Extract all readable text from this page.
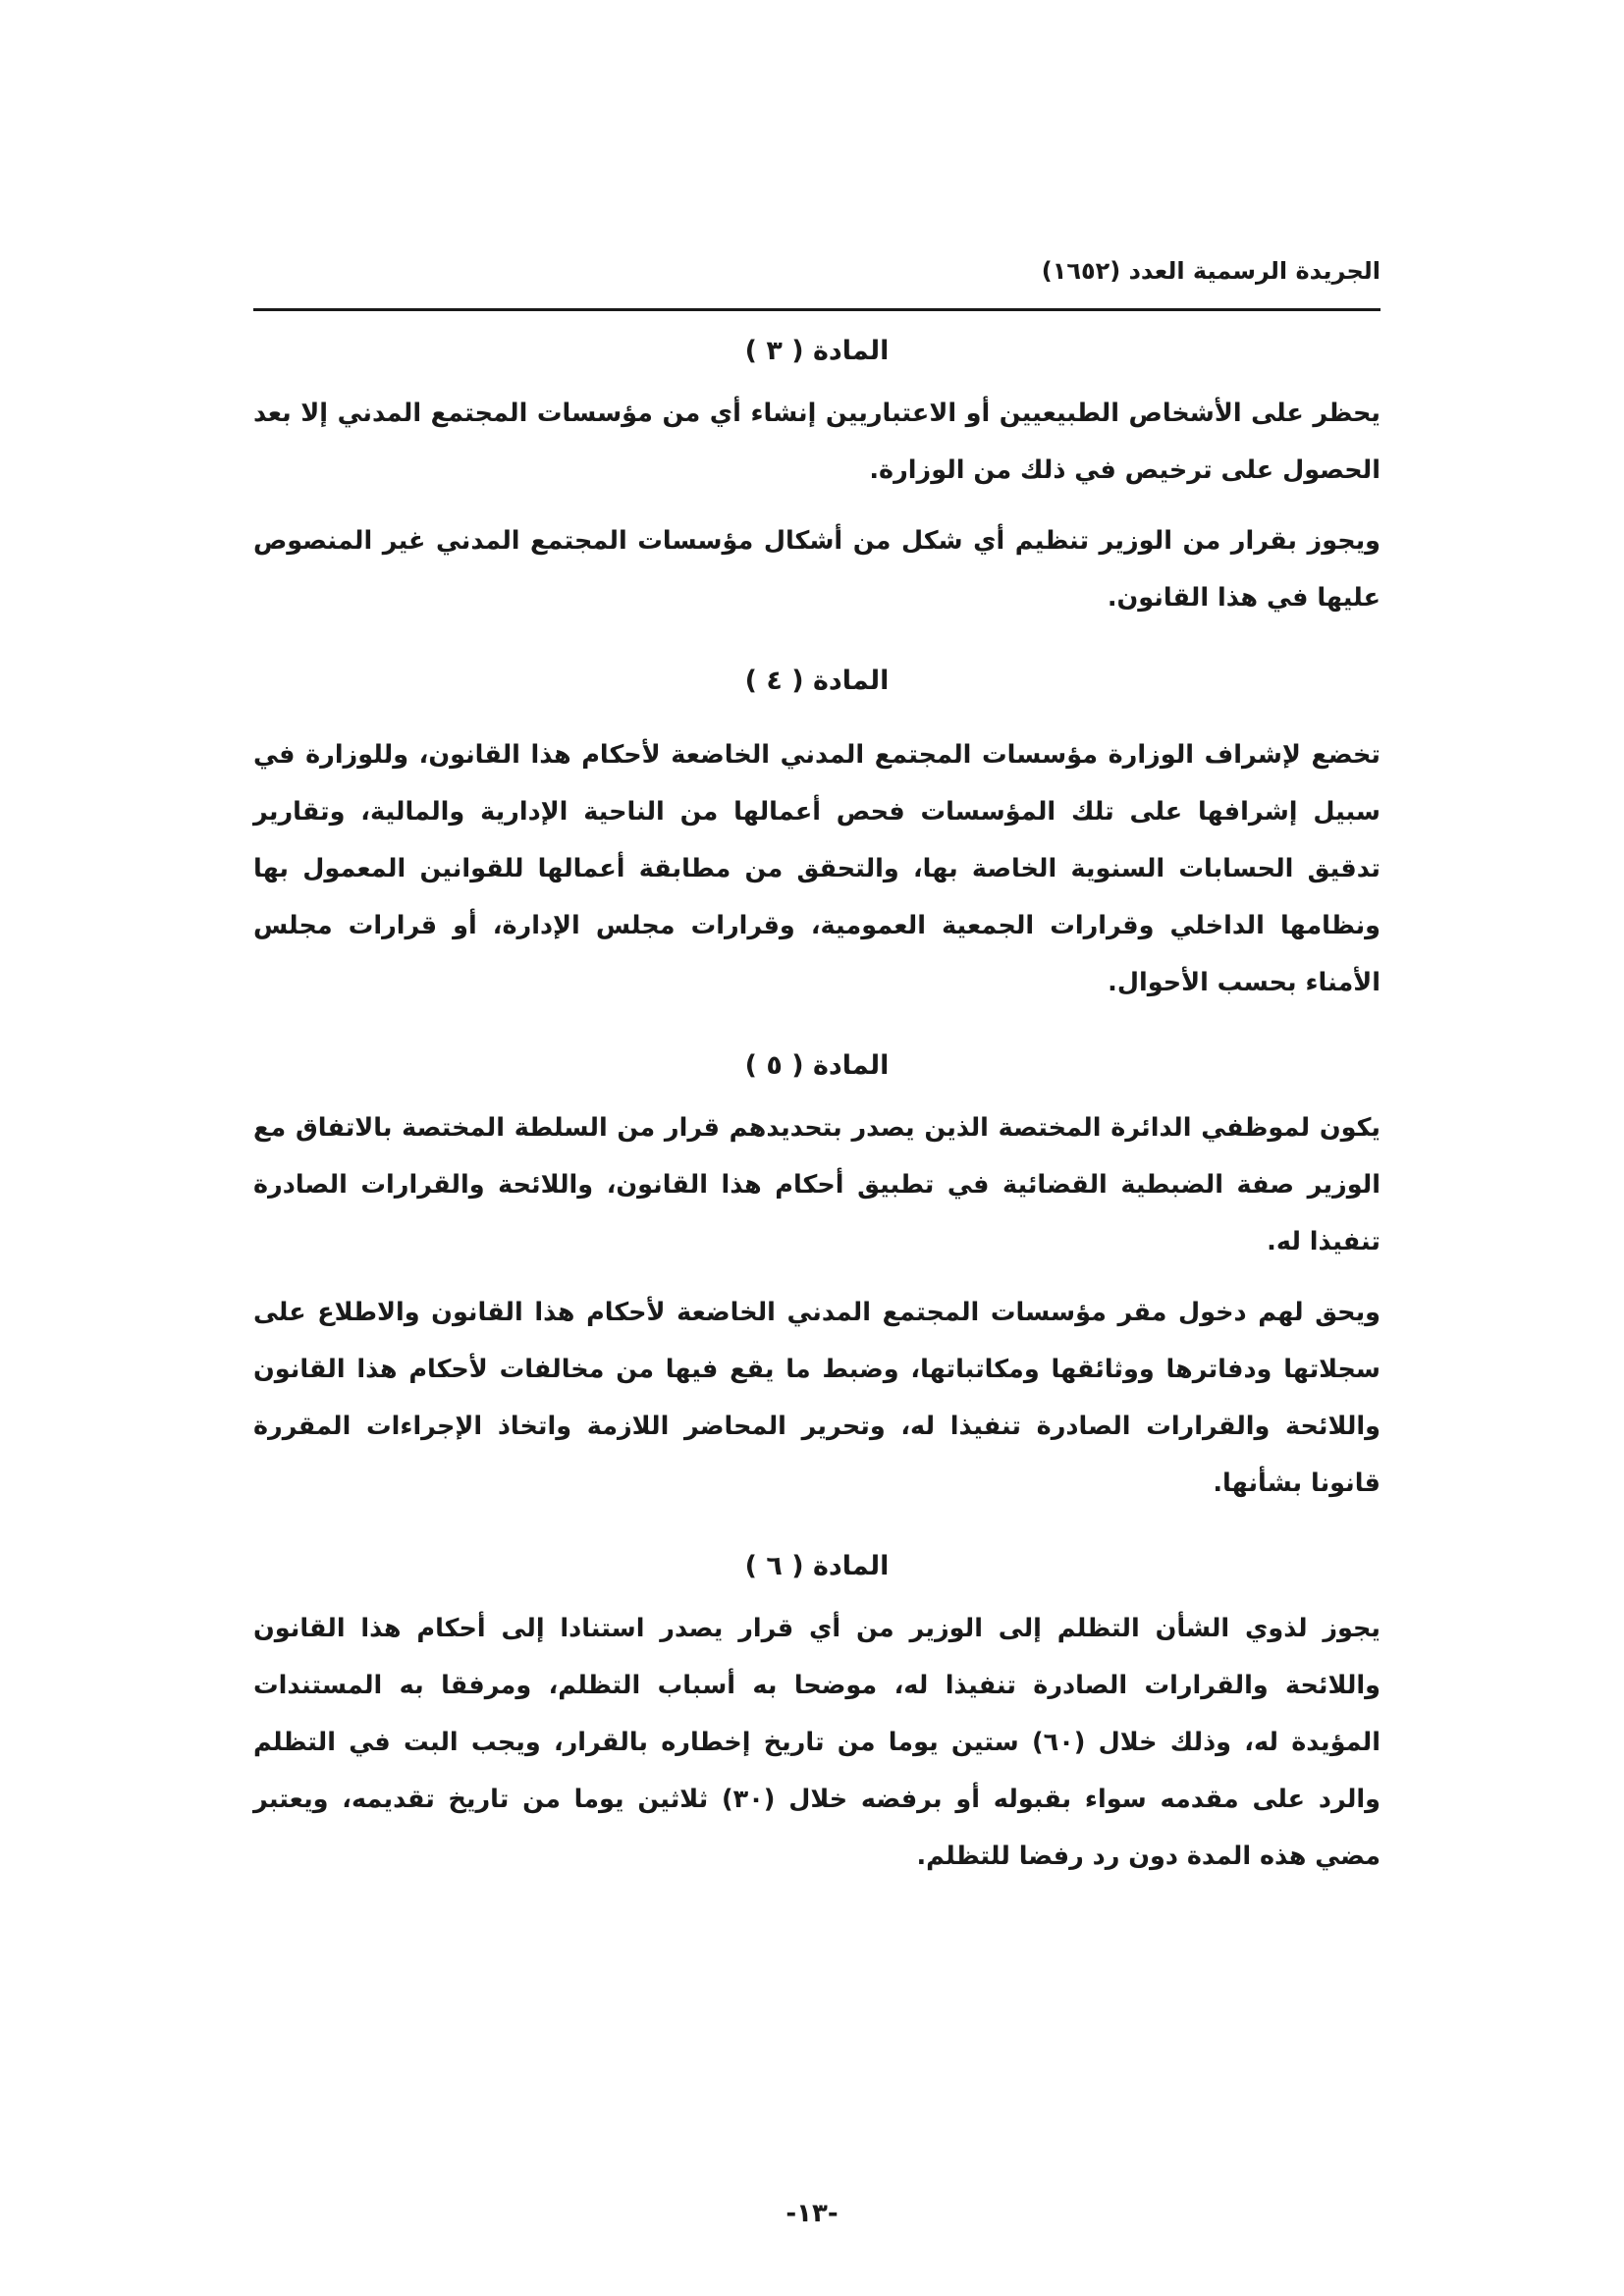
الجريدة الرسمية العدد (١٦٥٢)
المادة ( ٣ )

يحظر على الأشخاص الطبيعيين أو الاعتباريين إنشاء أي من مؤسسات المجتمع المدني إلا بعد الحصول على ترخيص في ذلك من الوزارة.

ويجوز بقرار من الوزير تنظيم أي شكل من أشكال مؤسسات المجتمع المدني غير المنصوص عليها في هذا القانون.

المادة ( ٤ )

تخضع لإشراف الوزارة مؤسسات المجتمع المدني الخاضعة لأحكام هذا القانون، وللوزارة في سبيل إشرافها على تلك المؤسسات فحص أعمالها من الناحية الإدارية والمالية، وتقارير تدقيق الحسابات السنوية الخاصة بها، والتحقق من مطابقة أعمالها للقوانين المعمول بها ونظامها الداخلي وقرارات الجمعية العمومية، وقرارات مجلس الإدارة، أو قرارات مجلس الأمناء بحسب الأحوال.

المادة ( ٥ )

يكون لموظفي الدائرة المختصة الذين يصدر بتحديدهم قرار من السلطة المختصة بالاتفاق مع الوزير صفة الضبطية القضائية في تطبيق أحكام هذا القانون، واللائحة والقرارات الصادرة تنفيذا له.

ويحق لهم دخول مقر مؤسسات المجتمع المدني الخاضعة لأحكام هذا القانون والاطلاع على سجلاتها ودفاترها ووثائقها ومكاتباتها، وضبط ما يقع فيها من مخالفات لأحكام هذا القانون واللائحة والقرارات الصادرة تنفيذا له، وتحرير المحاضر اللازمة واتخاذ الإجراءات المقررة قانونا بشأنها.

المادة ( ٦ )

يجوز لذوي الشأن التظلم إلى الوزير من أي قرار يصدر استنادا إلى أحكام هذا القانون واللائحة والقرارات الصادرة تنفيذا له، موضحا به أسباب التظلم، ومرفقا به المستندات المؤيدة له، وذلك خلال (٦٠) ستين يوما من تاريخ إخطاره بالقرار، ويجب البت في التظلم والرد على مقدمه سواء بقبوله أو برفضه خلال (٣٠) ثلاثين يوما من تاريخ تقديمه، ويعتبر مضي هذه المدة دون رد رفضا للتظلم.

-١٣-
